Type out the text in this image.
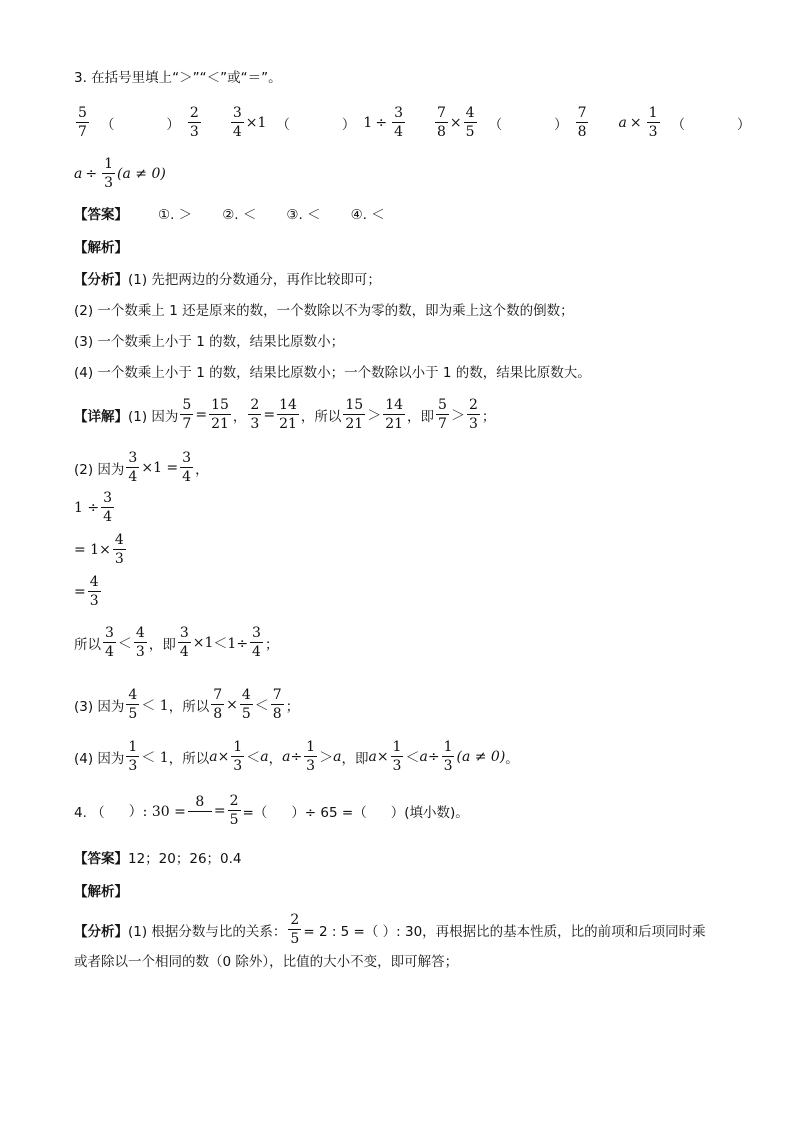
3. 在括号里填上“＞”“＜”或“＝”。
$\frac{5}{7}$ （	） $\frac{2}{3} \frac{3}{4} \times 1$ （	） $1 \div \frac{3}{4} \frac{7}{8} \times \frac{4}{5}$ （	） $\frac{7}{8}$ $a \times \frac{1}{3}$ （	）
$a \div \frac{1}{3} (a \ne 0)$
【答案】 ①. ＞ ②. ＜ ③. ＜ ④. ＜
【解析】
【分析】 (1) 先把两边的分数通分，再作比较即可；
(2) 一个数乘上 1 还是原来的数，一个数除以不为零的数，即为乘上这个数的倒数；
(3) 一个数乘上小于 1 的数，结果比原数小；
(4) 一个数乘上小于 1 的数，结果比原数小；一个数除以小于 1 的数，结果比原数大。
【详解】 (1) 因为 $\frac{5}{7} = \frac{15}{21}$ ， $\frac{2}{3} = \frac{14}{21}$ ，所以 $\frac{15}{21} > \frac{14}{21}$ ，即 $\frac{5}{7} > \frac{2}{3}$ ；
(2) 因为 $\frac{3}{4} \times 1 = \frac{3}{4}$ ，
$1 \div \frac{3}{4}$
= $1\times \frac{4}{3}$
= $\frac{4}{3}$
所以 $\frac{3}{4} < \frac{4}{3}$ ，即 $\frac{3}{4} \times 1 <1\div \frac{3}{4}$ ；
(3) 因为 $\frac{4}{5} < 1$ ，所以 $\frac{7}{8} \times \frac{4}{5} < \frac{7}{8}$ ；
(4) 因为 $\frac{1}{3} < 1$ ，所以 $a \times \frac{1}{3} < a$ ， $a \div \frac{1}{3} > a$ ，即 $a \times \frac{1}{3} < a \div \frac{1}{3} (a \ne 0)$ 。
4. （ ）: 30 =
8
= $\frac{2}{5}$ =（ ）÷ 65 =（ ）(填小数)。
【答案】 12；20；26；0.4
【解析】
【分析】 (1) 根据分数与比的关系： $\frac{2}{5} = 2$ : 5 =（ ）: 30，再根据比的基本性质，比的前项和后项同时乘
或者除以一个相同的数（0 除外），比值的大小不变，即可解答；
